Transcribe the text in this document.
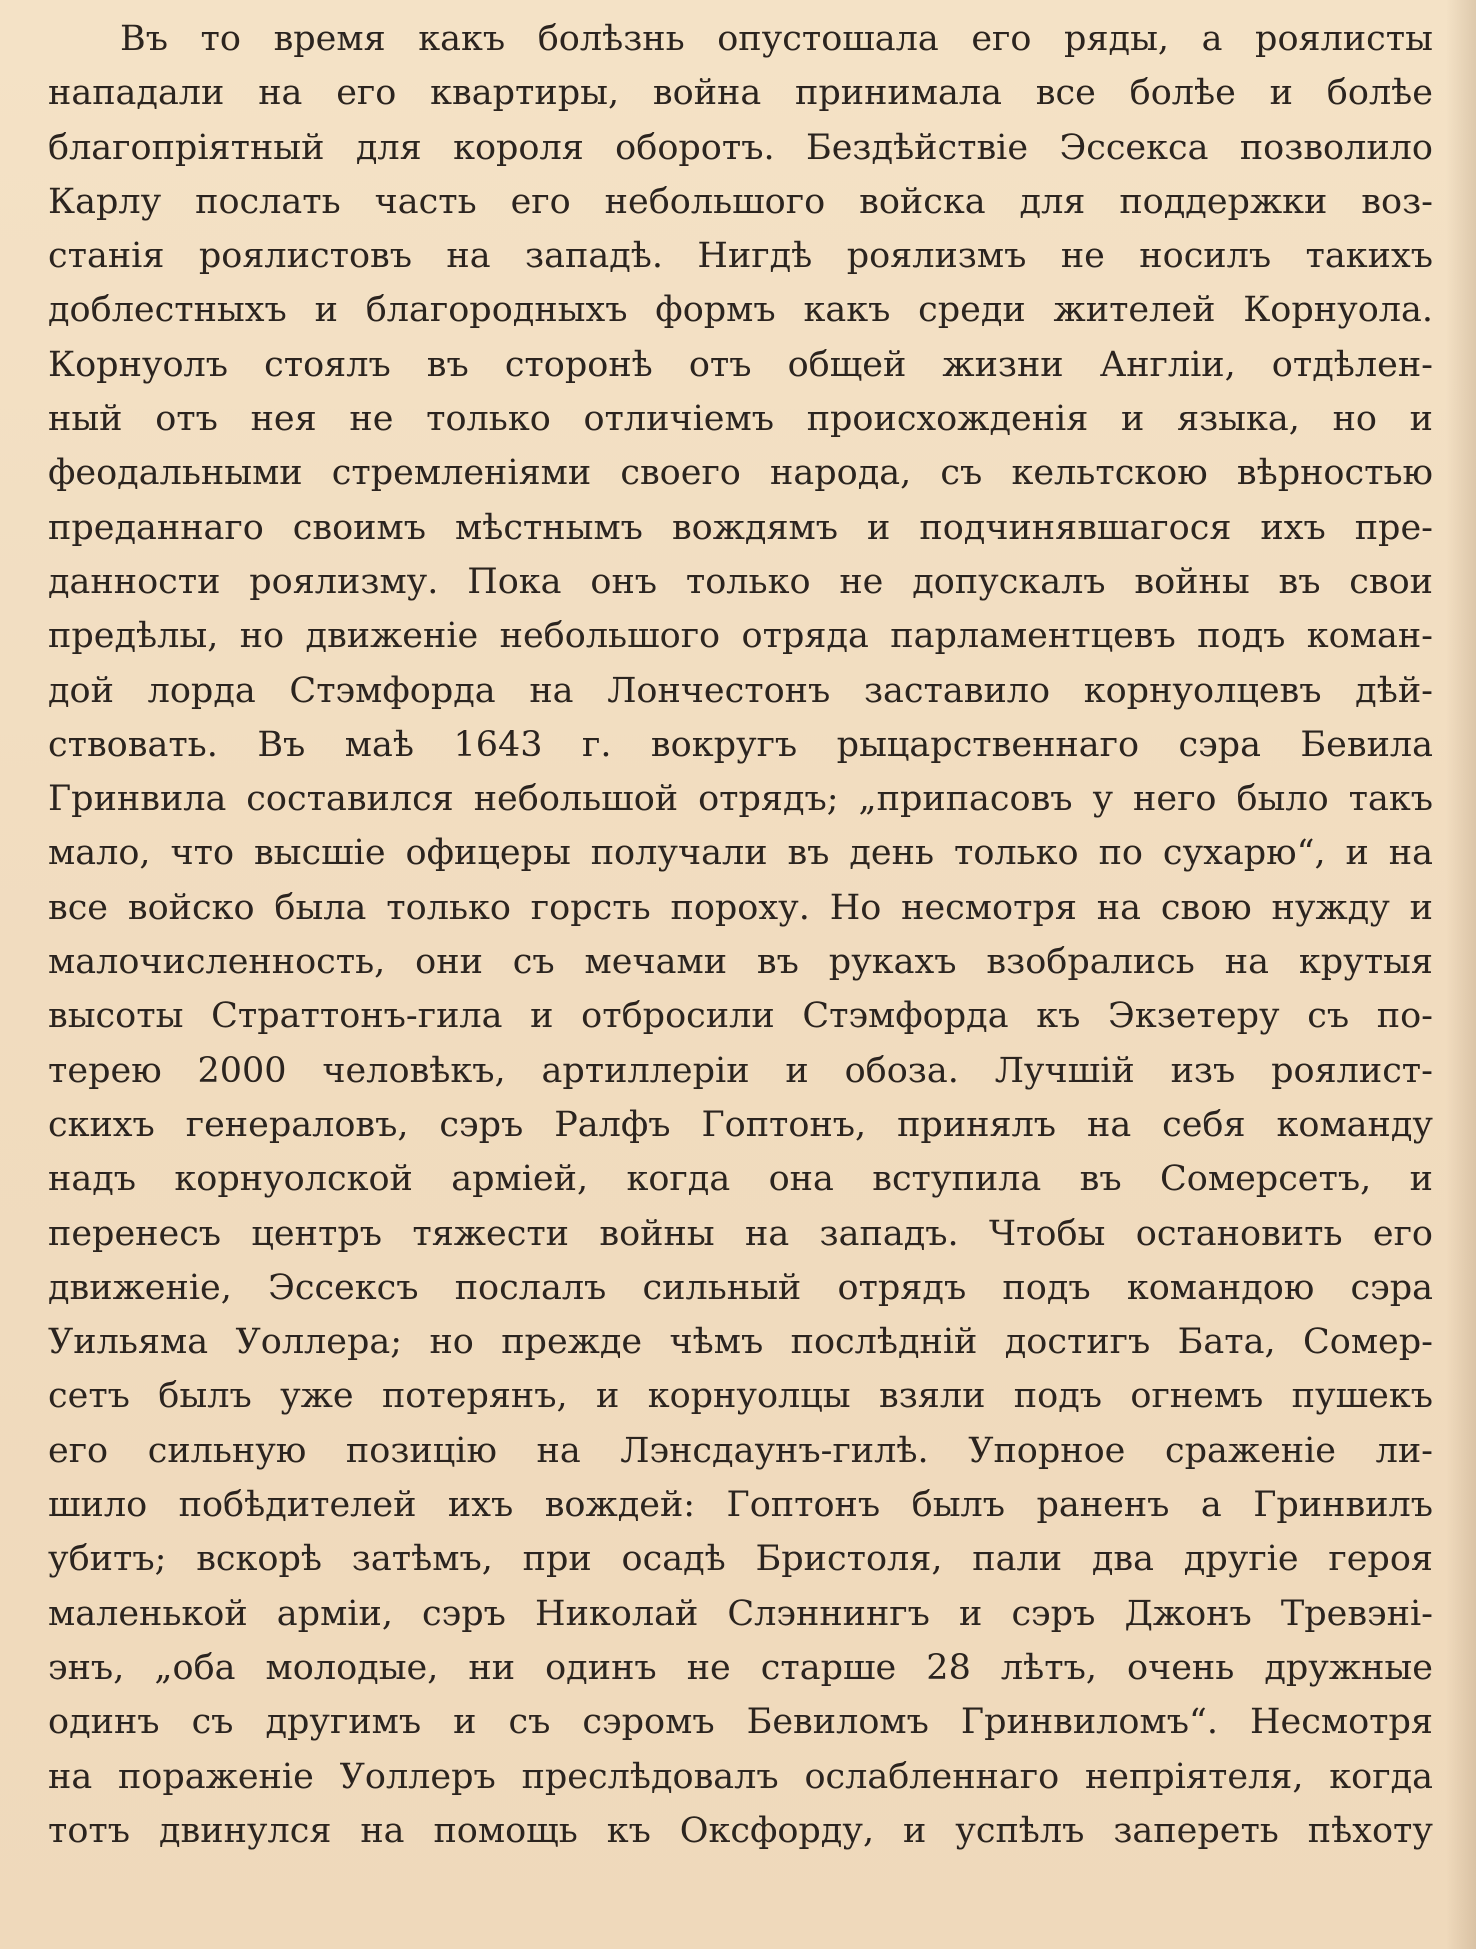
Въ то время какъ болѣзнь опустошала его ряды, а роялисты
нападали на его квартиры, война принимала все болѣе и болѣе
благопріятный для короля оборотъ. Бездѣйствіе Эссекса позволило
Карлу послать часть его небольшого войска для поддержки воз-
станія роялистовъ на западѣ. Нигдѣ роялизмъ не носилъ такихъ
доблестныхъ и благородныхъ формъ какъ среди жителей Корнуола.
Корнуолъ стоялъ въ сторонѣ отъ общей жизни Англіи, отдѣлен-
ный отъ нея не только отличіемъ происхожденія и языка, но и
феодальными стремленіями своего народа, съ кельтскою вѣрностью
преданнаго своимъ мѣстнымъ вождямъ и подчинявшагося ихъ пре-
данности роялизму. Пока онъ только не допускалъ войны въ свои
предѣлы, но движеніе небольшого отряда парламентцевъ подъ коман-
дой лорда Стэмфорда на Лончестонъ заставило корнуолцевъ дѣй-
ствовать. Въ маѣ 1643 г. вокругъ рыцарственнаго сэра Бевила
Гринвила составился небольшой отрядъ; „припасовъ у него было такъ
мало, что высшіе офицеры получали въ день только по сухарю“, и на
все войско была только горсть пороху. Но несмотря на свою нужду и
малочисленность, они съ мечами въ рукахъ взобрались на крутыя
высоты Страттонъ-гила и отбросили Стэмфорда къ Экзетеру съ по-
терею 2000 человѣкъ, артиллеріи и обоза. Лучшій изъ роялист-
скихъ генераловъ, сэръ Ралфъ Гоптонъ, принялъ на себя команду
надъ корнуолской арміей, когда она вступила въ Сомерсетъ, и
перенесъ центръ тяжести войны на западъ. Чтобы остановить его
движеніе, Эссексъ послалъ сильный отрядъ подъ командою сэра
Уильяма Уоллера; но прежде чѣмъ послѣдній достигъ Бата, Сомер-
сетъ былъ уже потерянъ, и корнуолцы взяли подъ огнемъ пушекъ
его сильную позицію на Лэнсдаунъ-гилѣ. Упорное сраженіе ли-
шило побѣдителей ихъ вождей: Гоптонъ былъ раненъ а Гринвилъ
убитъ; вскорѣ затѣмъ, при осадѣ Бристоля, пали два другіе героя
маленькой арміи, сэръ Николай Слэннингъ и сэръ Джонъ Тревэні-
энъ, „оба молодые, ни одинъ не старше 28 лѣтъ, очень дружные
одинъ съ другимъ и съ сэромъ Бевиломъ Гринвиломъ“. Несмотря
на пораженіе Уоллеръ преслѣдовалъ ослабленнаго непріятеля, когда
тотъ двинулся на помощь къ Оксфорду, и успѣлъ запереть пѣхоту
